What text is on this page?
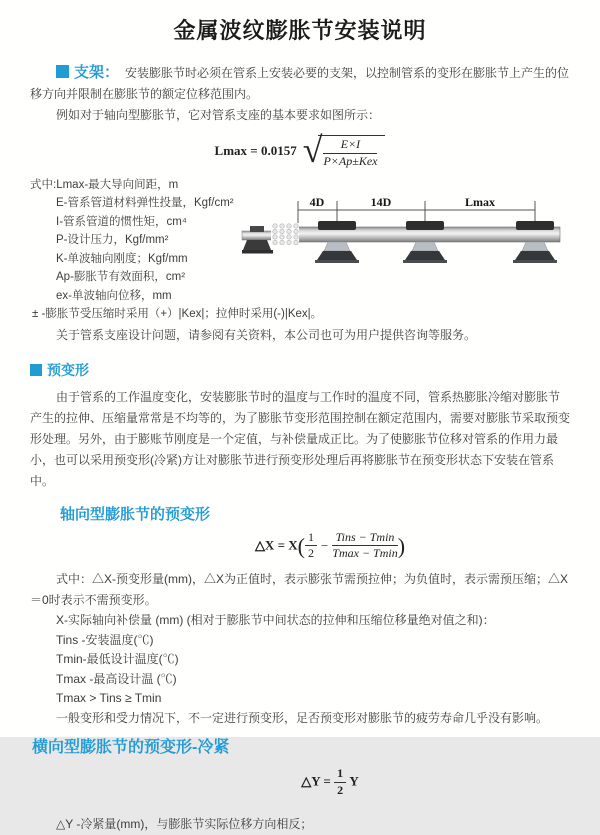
金属波纹膨胀节安装说明

支架： 安装膨胀节时必须在管系上安装必要的支架，以控制管系的变形在膨胀节上产生的位移方向并限制在膨胀节的额定位移范围内。

例如对于轴向型膨胀节，它对管系支座的基本要求如图所示：

Lmax = 0.0157 √ $\frac{E\times I}{\text{P×Ap±Kex}}$
式中:Lmax-最大导向间距，m
E-管系管道材料弹性投量，Kgf/cm²
I-管系管道的惯性矩，cm⁴
P-设计压力，Kgf/mm²
K-单波轴向刚度；Kgf/mm
Ap-膨胀节有效面积，cm²
ex-单波轴向位移，mm
± -膨胀节受压缩时采用（+）|Kex|；拉伸时采用(-)|Kex|。

关于管系支座设计问题，请参阅有关资料，本公司也可为用户提供咨询等服务。

4D	14D	Lmax

预变形

由于管系的工作温度变化，安装膨胀节时的温度与工作时的温度不同，管系热膨胀冷缩对膨胀节产生的拉伸、压缩量常常是不均等的，为了膨胀节变形范围控制在额定范围内，需要对膨胀节采取预变形处理。另外，由于膨账节刚度是一个定值，与补偿量成正比。为了使膨胀节位移对管系的作用力最小，也可以采用预变形(冷紧)方让对膨胀节进行预变形处理后再将膨胀节在预变形状态下安装在管系中。

轴向型膨胀节的预变形
△X = $X( \frac{1}{2} - \frac{\text{Tins − Tmin}}{Tmax - Tmin}$ )

式中：△X-预变形量(mm)，△X为正值时，表示膨张节需预拉伸；为负值时，表示需预压缩；△X＝0时表示不需预变形。

X-实际轴向补偿量 (mm) (相对于膨胀节中间状态的拉伸和压缩位移量绝对值之和)：
Tins -安装温度(℃)
Tmin-最低设计温度(℃)
Tmax -最高设计温 (℃)
Tmax > Tins ≥ Tmin
一般变形和受力情况下，不一定进行预变形，足否预变形对膨胀节的疲劳寿命几乎没有影响。
横向型膨胀节的预变形-冷紧
△Y = $\frac{1}{2}$ Y

△Y -冷紧量(mm)，与膨胀节实际位移方向相反；
